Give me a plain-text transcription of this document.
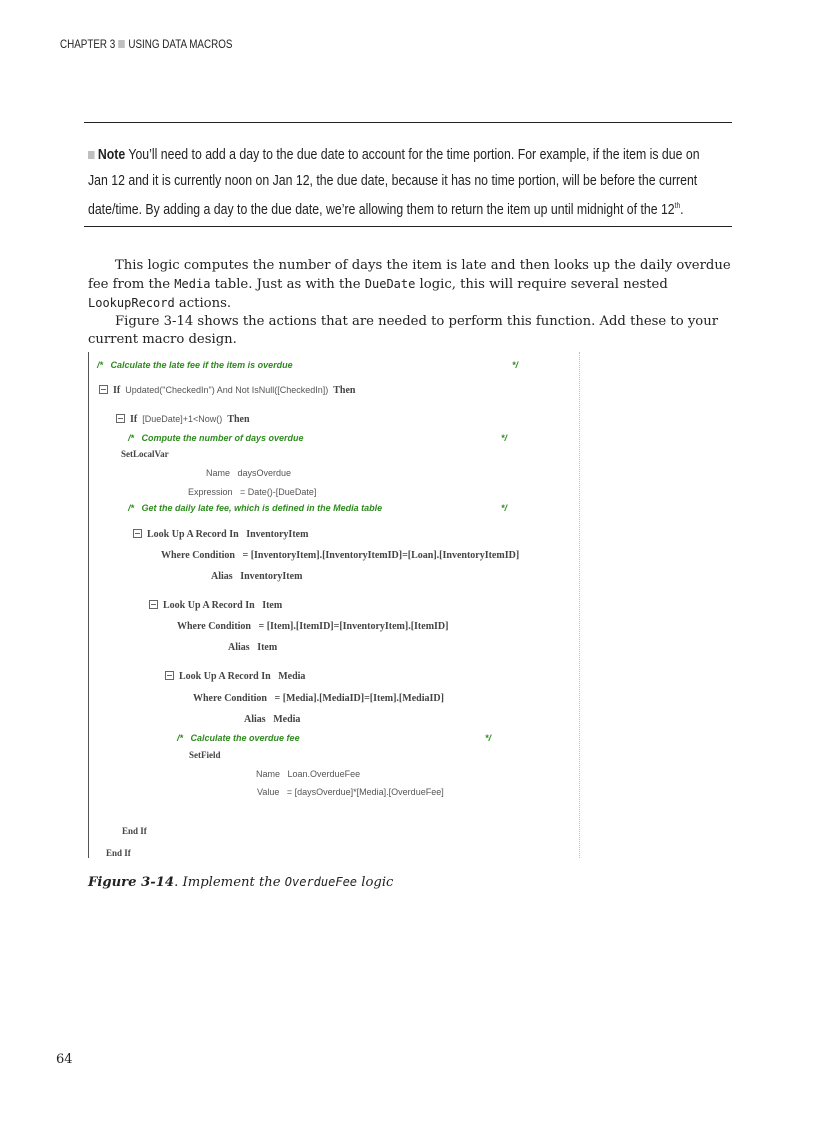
CHAPTER 3 USING DATA MACROS
Note You’ll need to add a day to the due date to account for the time portion. For example, if the item is due on
Jan 12 and it is currently noon on Jan 12, the due date, because it has no time portion, will be before the current
date/time. By adding a day to the due date, we’re allowing them to return the item up until midnight of the 12th.

This logic computes the number of days the item is late and then looks up the daily overdue fee from the Media table. Just as with the DueDate logic, this will require several nested LookupRecord actions.

Figure 3-14 shows the actions that are needed to perform this function. Add these to your current macro design.

/* Calculate the late fee if the item is overdue	*/
If Updated("CheckedIn") And Not IsNull([CheckedIn]) Then
If [DueDate]+1<Now() Then
/* Compute the number of days overdue	*/
SetLocalVar
Name daysOverdue
Expression = Date()-[DueDate]
/* Get the daily late fee, which is defined in the Media table	*/
Look Up A Record In InventoryItem
Where Condition = [InventoryItem].[InventoryItemID]=[Loan].[InventoryItemID]
Alias InventoryItem
Look Up A Record In Item
Where Condition = [Item].[ItemID]=[InventoryItem].[ItemID]
Alias Item
Look Up A Record In Media
Where Condition = [Media].[MediaID]=[Item].[MediaID]
Alias Media
/* Calculate the overdue fee	*/
SetField
Name Loan.OverdueFee
Value = [daysOverdue]*[Media].[OverdueFee]
End If
End If
Figure 3-14. Implement the OverdueFee logic
64
